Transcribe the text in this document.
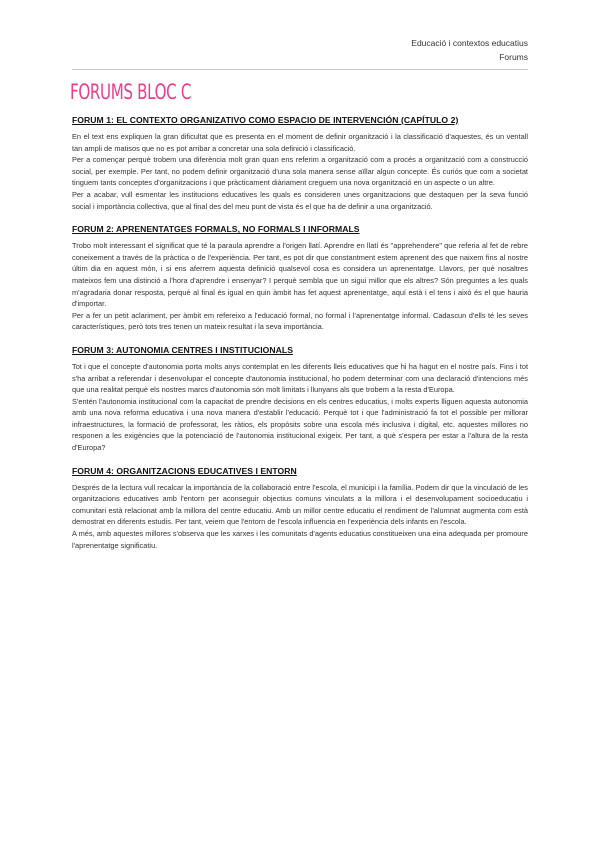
Educació i contextos educatius
Forums
FORUMS BLOC C
FORUM 1: EL CONTEXTO ORGANIZATIVO COMO ESPACIO DE INTERVENCIÓN (CAPÍTULO 2)

En el text ens expliquen la gran dificultat que es presenta en el moment de definir organització i la classificació d'aquestes, és un ventall tan ampli de matisos que no es pot arribar a concretar una sola definició i classificació.

Per a començar perquè trobem una diferència molt gran quan ens referim a organització com a procés a organització com a construcció social, per exemple. Per tant, no podem definir organització d'una sola manera sense aïllar algun concepte. És curiós que com a societat tinguem tants conceptes d'organitzacions i que pràcticament diàriament creguem una nova organització en un aspecte o un altre.

Per a acabar, vull esmentar les institucions educatives les quals es consideren unes organitzacions que destaquen per la seva funció social i importància collectiva, que al final des del meu punt de vista és el que ha de definir a una organització.

FORUM 2: APRENENTATGES FORMALS, NO FORMALS I INFORMALS

Trobo molt interessant el significat que té la paraula aprendre a l'origen llatí. Aprendre en llatí és "apprehendere" que referia al fet de rebre coneixement a través de la pràctica o de l'experiència. Per tant, es pot dir que constantment estem aprenent des que naixem fins al nostre últim dia en aquest món, i si ens aferrem aquesta definició qualsevol cosa es considera un aprenentatge. Llavors, per què nosaltres mateixos fem una distinció a l'hora d'aprendre i ensenyar? I perquè sembla que un sigui millor que els altres? Són preguntes a les quals m'agradaria donar resposta, perquè al final és igual en quin àmbit has fet aquest aprenentatge, aquí està i el tens i això és el que hauria d'importar.

Per a fer un petit aclariment, per àmbit em refereixo a l'educació formal, no formal i l'aprenentatge informal. Cadascun d'ells té les seves característiques, però tots tres tenen un mateix resultat i la seva importància.

FORUM 3: AUTONOMIA CENTRES I INSTITUCIONALS

Tot i que el concepte d'autonomia porta molts anys contemplat en les diferents lleis educatives que hi ha hagut en el nostre país. Fins i tot s'ha arribat a referendar i desenvolupar el concepte d'autonomia institucional, ho podem determinar com una declaració d'intencions més que una realitat perquè els nostres marcs d'autonomia són molt limitats i llunyans als que trobem a la resta d'Europa.

S'entén l'autonomia institucional com la capacitat de prendre decisions en els centres educatius, i molts experts lliguen aquesta autonomia amb una nova reforma educativa i una nova manera d'establir l'educació. Perquè tot i que l'administració fa tot el possible per millorar infraestructures, la formació de professorat, les ràtios, els propòsits sobre una escola més inclusiva i digital, etc. aquestes millores no responen a les exigències que la potenciació de l'autonomia institucional exigeix. Per tant, a què s'espera per estar a l'altura de la resta d'Europa?

FORUM 4: ORGANITZACIONS EDUCATIVES I ENTORN

Després de la lectura vull recalcar la importància de la collaboració entre l'escola, el municipi i la família. Podem dir que la vinculació de les organitzacions educatives amb l'entorn per aconseguir objectius comuns vinculats a la millora i el desenvolupament socioeducatiu i comunitari està relacionat amb la millora del centre educatiu. Amb un millor centre educatiu el rendiment de l'alumnat augmenta com està demostrat en diferents estudis. Per tant, veiem que l'entorn de l'escola influencia en l'experiència dels infants en l'escola.

A més, amb aquestes millores s'observa que les xarxes i les comunitats d'agents educatius constitueixen una eina adequada per promoure l'aprenentatge significatiu.
